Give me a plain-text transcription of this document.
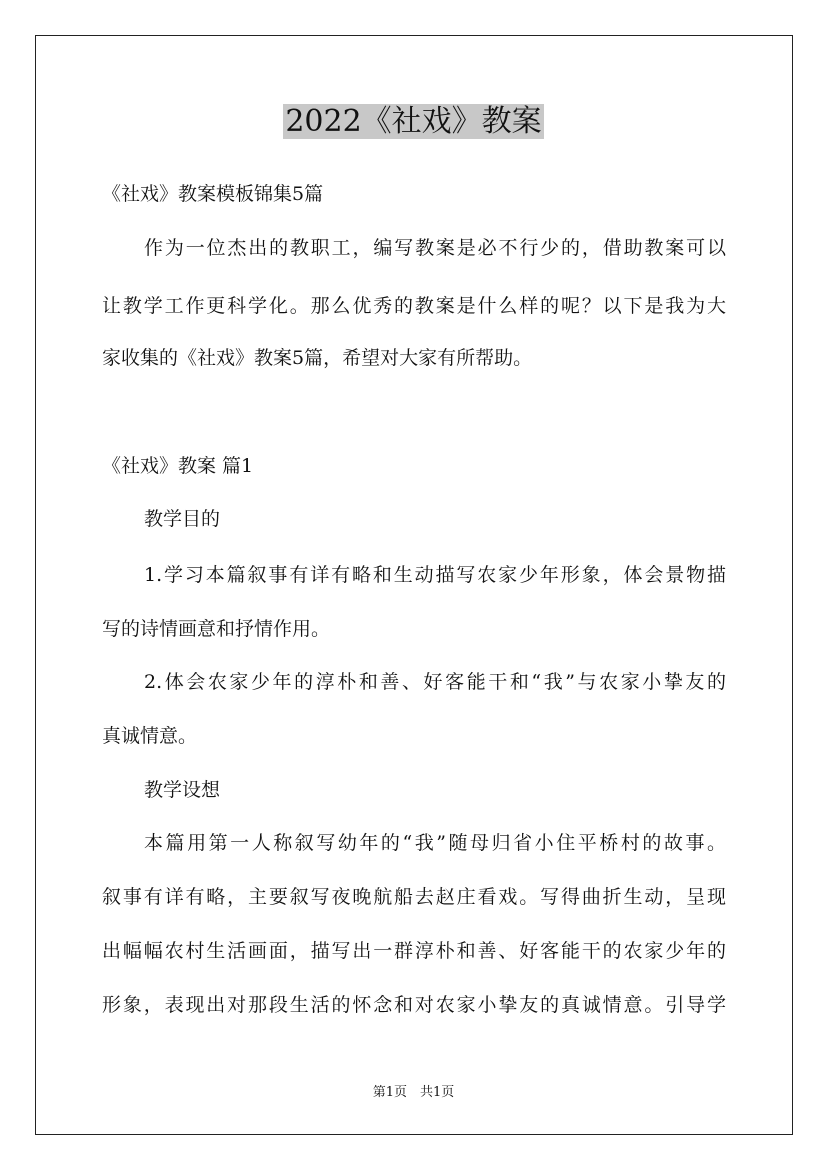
2022《社戏》教案
《社戏》教案模板锦集5篇
作为一位杰出的教职工，编写教案是必不行少的，借助教案可以
让教学工作更科学化。那么优秀的教案是什么样的呢？以下是我为大
家收集的《社戏》教案5篇，希望对大家有所帮助。
《社戏》教案 篇1
教学目的
1.学习本篇叙事有详有略和生动描写农家少年形象，体会景物描
写的诗情画意和抒情作用。
2.体会农家少年的淳朴和善、好客能干和“我”与农家小挚友的
真诚情意。
教学设想
本篇用第一人称叙写幼年的“我”随母归省小住平桥村的故事。
叙事有详有略，主要叙写夜晚航船去赵庄看戏。写得曲折生动，呈现
出幅幅农村生活画面，描写出一群淳朴和善、好客能干的农家少年的
形象，表现出对那段生活的怀念和对农家小挚友的真诚情意。引导学
第1页　共1页
